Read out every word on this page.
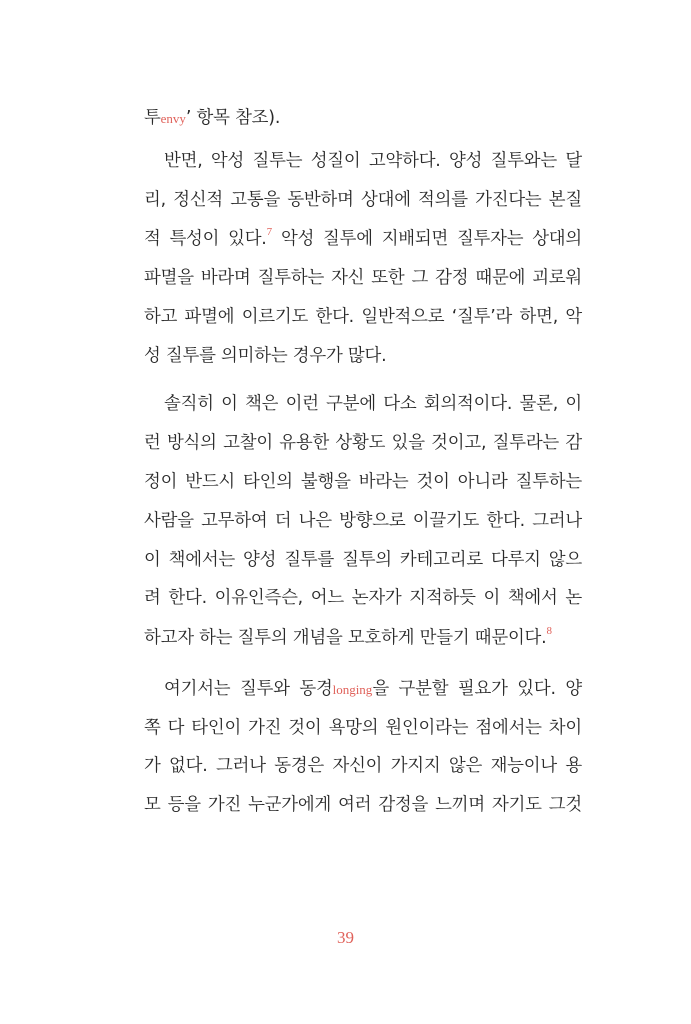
투envy’ 항목 참조).
반면, 악성 질투는 성질이 고약하다. 양성 질투와는 달
리, 정신적 고통을 동반하며 상대에 적의를 가진다는 본질
적 특성이 있다.$^7$ 악성 질투에 지배되면 질투자는 상대의
파멸을 바라며 질투하는 자신 또한 그 감정 때문에 괴로워
하고 파멸에 이르기도 한다. 일반적으로 ‘질투’라 하면, 악
성 질투를 의미하는 경우가 많다.
솔직히 이 책은 이런 구분에 다소 회의적이다. 물론, 이
런 방식의 고찰이 유용한 상황도 있을 것이고, 질투라는 감
정이 반드시 타인의 불행을 바라는 것이 아니라 질투하는
사람을 고무하여 더 나은 방향으로 이끌기도 한다. 그러나
이 책에서는 양성 질투를 질투의 카테고리로 다루지 않으
려 한다. 이유인즉슨, 어느 논자가 지적하듯 이 책에서 논
하고자 하는 질투의 개념을 모호하게 만들기 때문이다.$^8$
여기서는 질투와 동경longing을 구분할 필요가 있다. 양
쪽 다 타인이 가진 것이 욕망의 원인이라는 점에서는 차이
가 없다. 그러나 동경은 자신이 가지지 않은 재능이나 용
모 등을 가진 누군가에게 여러 감정을 느끼며 자기도 그것
39
